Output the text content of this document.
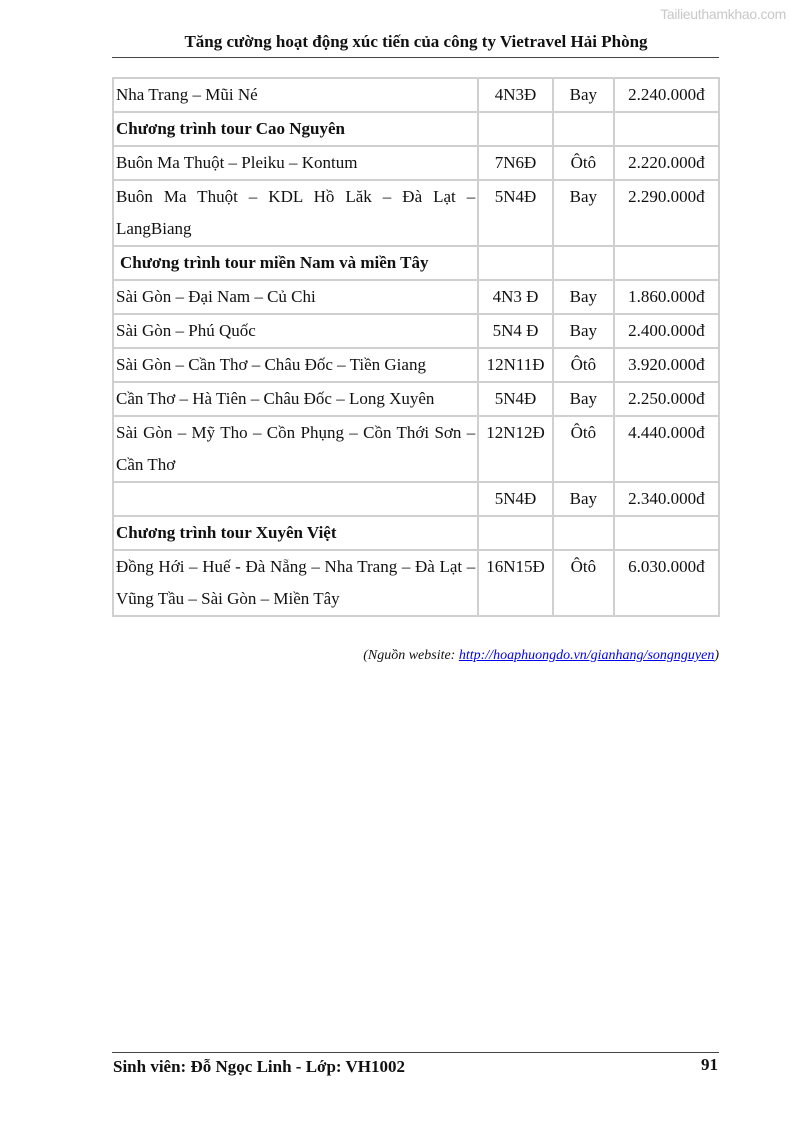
Tailieuthamkhao.com
Tăng cường hoạt động xúc tiến của công ty Vietravel Hải Phòng
Nha Trang – Mũi Né	4N3Đ	Bay	2.240.000đ
Chương trình tour Cao Nguyên			
Buôn Ma Thuột – Pleiku – Kontum	7N6Đ	Ôtô	2.220.000đ
Buôn Ma Thuột – KDL Hồ Lăk – Đà Lạt – LangBiang	5N4Đ	Bay	2.290.000đ
Chương trình tour miền Nam và miền Tây			
Sài Gòn – Đại Nam – Củ Chi	4N3 Đ	Bay	1.860.000đ
Sài Gòn – Phú Quốc	5N4 Đ	Bay	2.400.000đ
Sài Gòn – Cần Thơ – Châu Đốc – Tiền Giang	12N11Đ	Ôtô	3.920.000đ
Cần Thơ – Hà Tiên – Châu Đốc – Long Xuyên	5N4Đ	Bay	2.250.000đ
Sài Gòn – Mỹ Tho – Cồn Phụng – Cồn Thới Sơn – Cần Thơ	12N12Đ	Ôtô	4.440.000đ
	5N4Đ	Bay	2.340.000đ
Chương trình tour Xuyên Việt			
Đồng Hới – Huế - Đà Nẵng – Nha Trang – Đà Lạt – Vũng Tầu – Sài Gòn – Miền Tây	16N15Đ	Ôtô	6.030.000đ
(Nguồn website: http://hoaphuongdo.vn/gianhang/songnguyen)
Sinh viên: Đỗ Ngọc Linh - Lớp: VH1002	91
